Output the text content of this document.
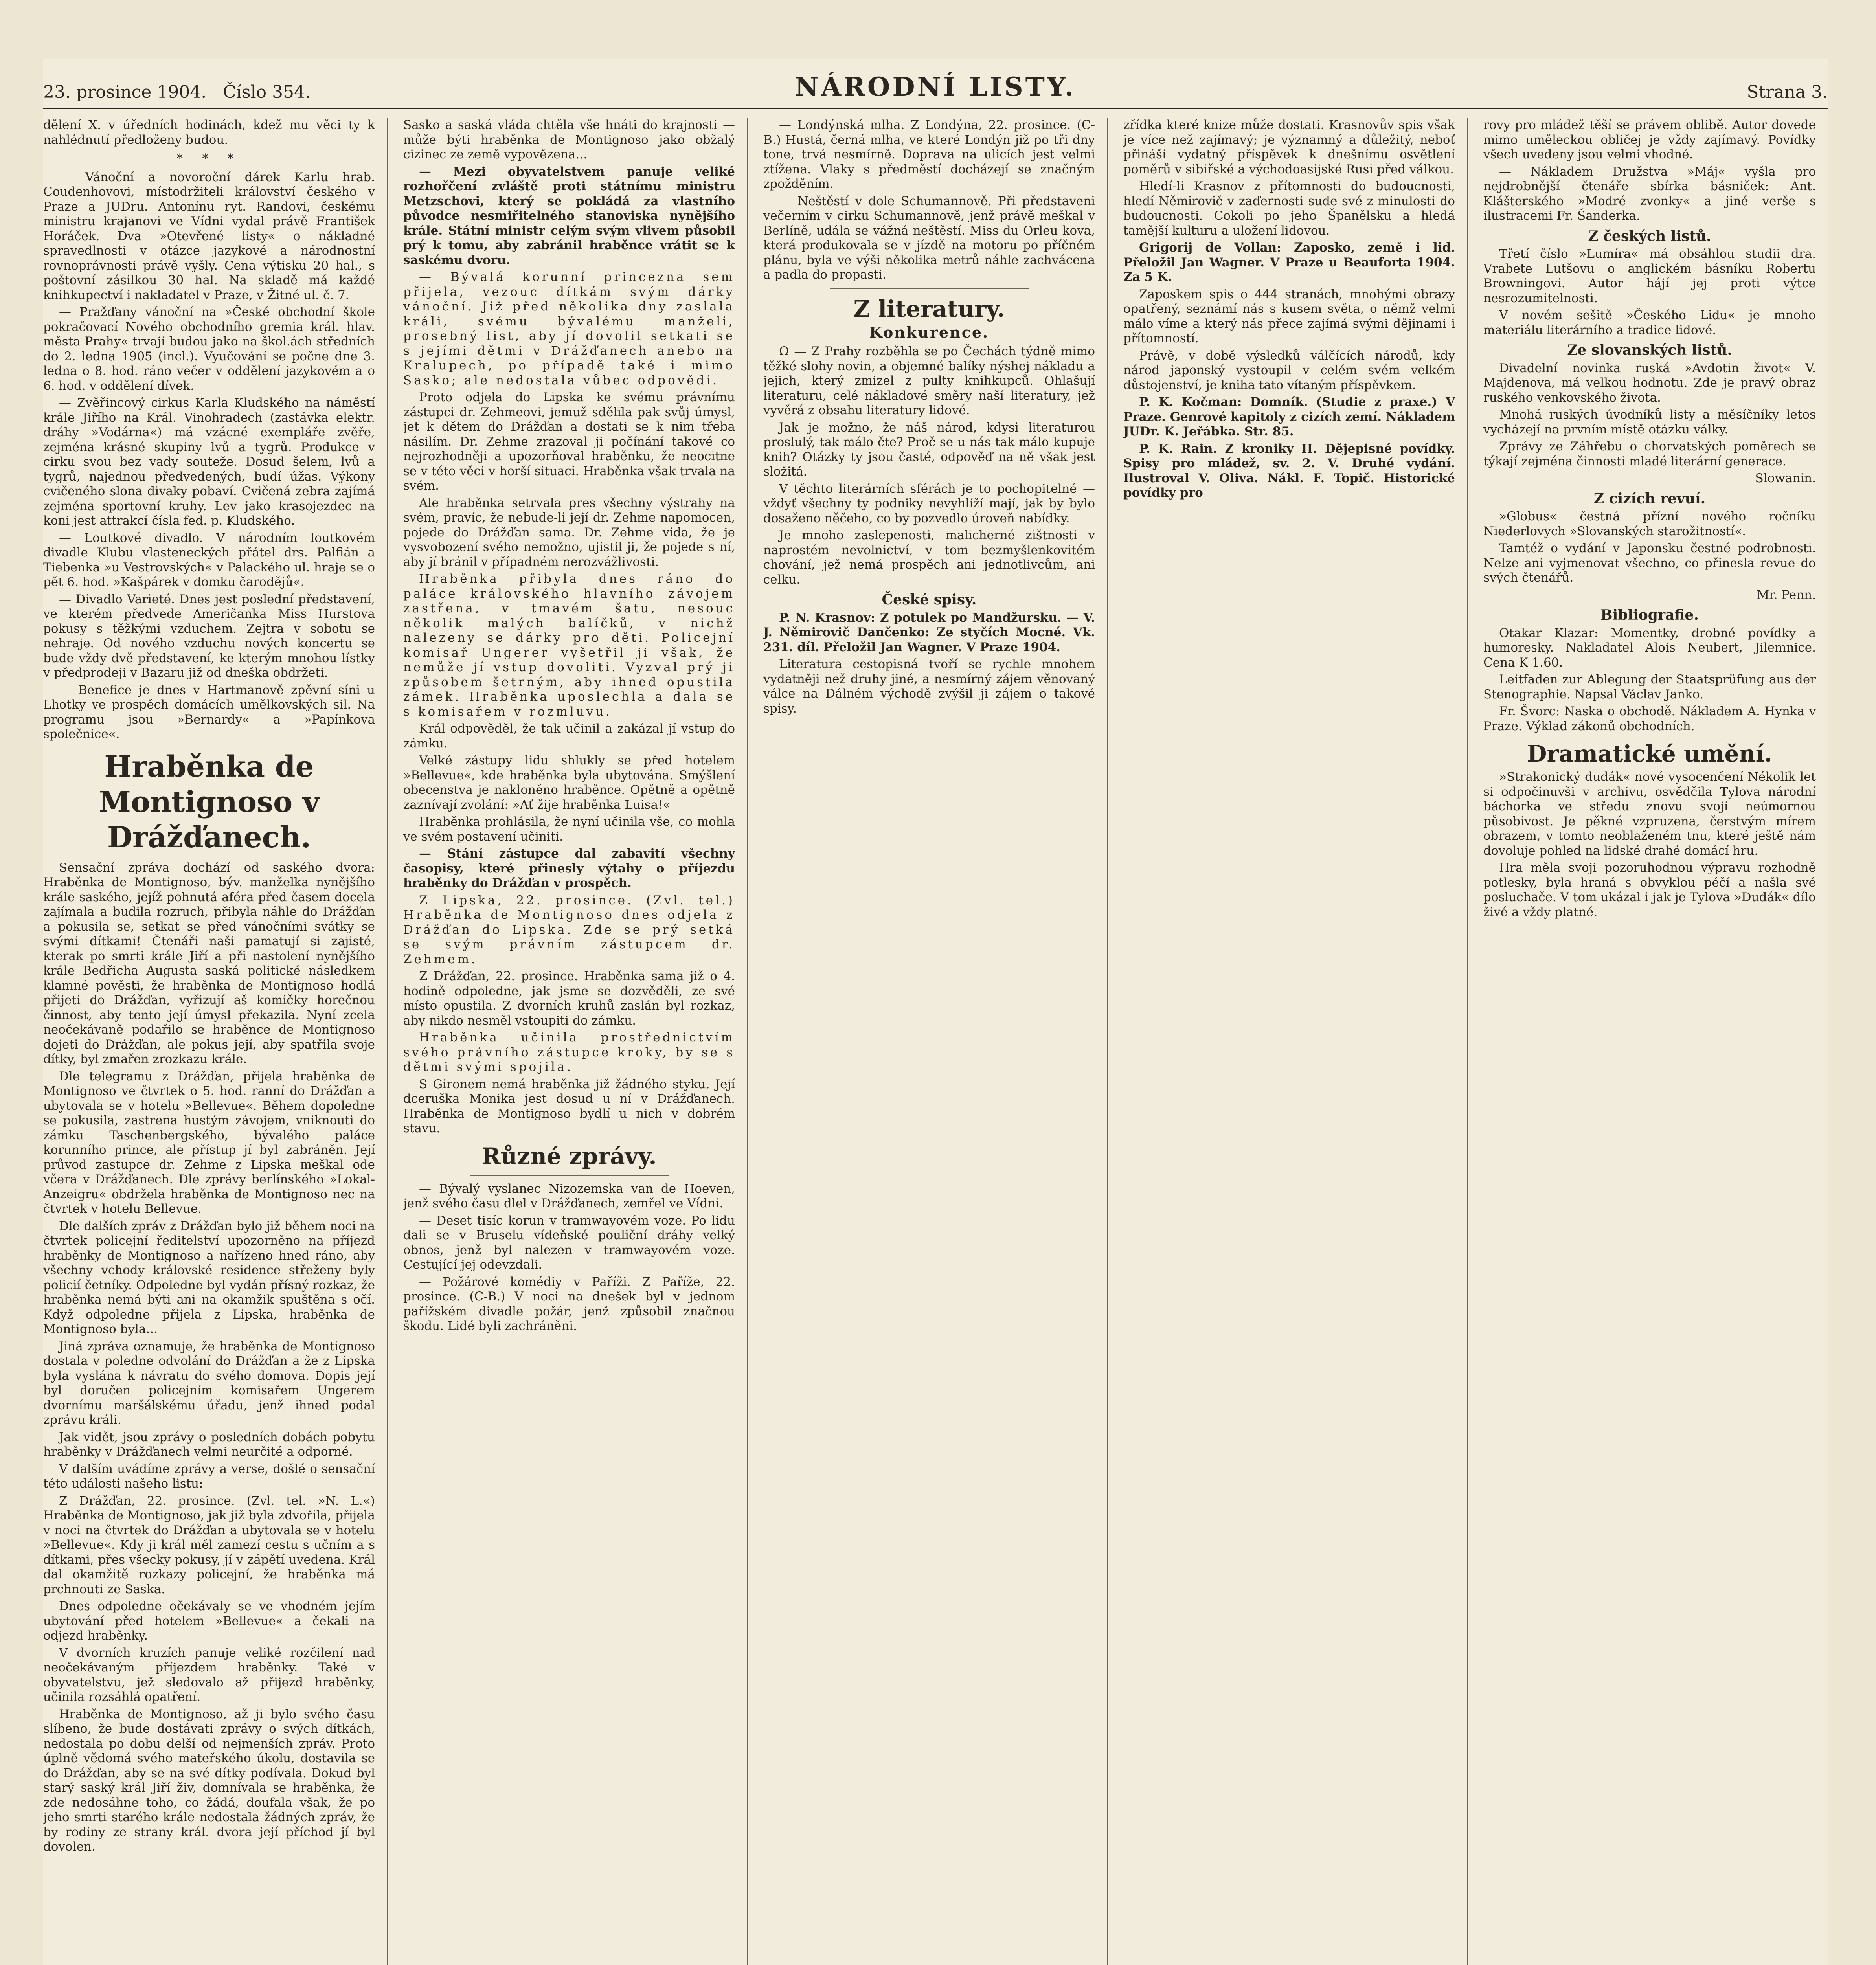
23. prosince 1904. Číslo 354.	NÁRODNÍ LISTY.	Strana 3.

dělení X. v úředních hodinách, kdež mu věci ty k nahlédnutí předloženy budou.

* * *

— Vánoční a novoroční dárek Karlu hrab. Coudenhovovi, místodržiteli království českého v Praze a JUDru. Antonínu ryt. Randovi, českému ministru krajanovi ve Vídni vydal právě František Horáček. Dva »Otevřené listy« o nákladné spravedlnosti v otázce jazykové a národnostní rovnoprávnosti právě vyšly. Cena výtisku 20 hal., s poštovní zásilkou 30 hal. Na skladě má každé knihkupectví i nakladatel v Praze, v Žitné ul. č. 7.

— Pražďany vánoční na »České obchodní škole pokračovací Nového obchodního gremia král. hlav. města Prahy« trvají budou jako na škol.ách středních do 2. ledna 1905 (incl.). Vyučování se počne dne 3. ledna o 8. hod. ráno večer v oddělení jazykovém a o 6. hod. v oddělení dívek.

— Zvěřincový cirkus Karla Kludského na náměstí krále Jiřího na Král. Vinohradech (zastávka elektr. dráhy »Vodárna«) má vzácné exempláře zvěře, zejména krásné skupiny lvů a tygrů. Produkce v cirku svou bez vady souteže. Dosud šelem, lvů a tygrů, najednou předvedených, budí úžas. Výkony cvičeného slona divaky pobaví. Cvičená zebra zajímá zejména sportovní kruhy. Lev jako krasojezdec na koni jest attrakcí čísla fed. p. Kludského.

— Loutkové divadlo. V národním loutkovém divadle Klubu vlasteneckých přátel drs. Palfián a Tiebenka »u Vestrovských« v Palackého ul. hraje se o pět 6. hod. »Kašpárek v domku čarodějů«.

— Divadlo Varieté. Dnes jest poslední představení, ve kterém předvede Američanka Miss Hurstova pokusy s těžkými vzduchem. Zejtra v sobotu se nehraje. Od nového vzduchu nových koncertu se bude vždy dvě představení, ke kterým mnohou lístky v předprodeji v Bazaru již od dneška obdržeti.

— Benefice je dnes v Hartmanově zpěvní síni u Lhotky ve prospěch domácích umělkovských sil. Na programu jsou »Bernardy« a »Papínkova společnice«.

Hraběnka de Montignoso v Drážďanech.

Sensační zpráva dochází od saského dvora: Hraběnka de Montignoso, býv. manželka nynějšího krále saského, jejíž pohnutá aféra před časem docela zajímala a budila rozruch, přibyla náhle do Drážďan a pokusila se, setkat se před vánočními svátky se svými dítkami! Čtenáři naši pamatují si zajisté, kterak po smrti krále Jiří a při nastolení nynějšího krále Bedřicha Augusta saská politické následkem klamné pověsti, že hraběnka de Montignoso hodlá přijeti do Drážďan, vyřizují aš komičky horečnou činnost, aby tento její úmysl překazila. Nyní zcela neočekávaně podařilo se hraběnce de Montignoso dojeti do Drážďan, ale pokus její, aby spatřila svoje dítky, byl zmařen zrozkazu krále.

Dle telegramu z Drážďan, přijela hraběnka de Montignoso ve čtvrtek o 5. hod. ranní do Drážďan a ubytovala se v hotelu »Bellevue«. Během dopoledne se pokusila, zastrena hustým závojem, vniknouti do zámku Taschenbergského, bývalého paláce korunního prince, ale přístup jí byl zabráněn. Její průvod zastupce dr. Zehme z Lipska meškal ode včera v Drážďanech. Dle zprávy berlínského »Lokal-Anzeigru« obdržela hraběnka de Montignoso nec na čtvrtek v hotelu Bellevue.

Dle dalších zpráv z Drážďan bylo již během noci na čtvrtek policejní ředitelství upozorněno na příjezd hraběnky de Montignoso a nařízeno hned ráno, aby všechny vchody královské residence střeženy byly policií četníky. Odpoledne byl vydán přísný rozkaz, že hraběnka nemá býti ani na okamžik spuštěna s očí. Když odpoledne přijela z Lipska, hraběnka de Montignoso byla...

Jiná zpráva oznamuje, že hraběnka de Montignoso dostala v poledne odvolání do Drážďan a že z Lipska byla vyslána k návratu do svého domova. Dopis její byl doručen policejním komisařem Ungerem dvornímu maršálskému úřadu, jenž ihned podal zprávu králi.

Jak vidět, jsou zprávy o posledních dobách pobytu hraběnky v Drážďanech velmi neurčité a odporné.

V dalším uvádíme zprávy a verse, došlé o sensační této události našeho listu:

Z Drážďan, 22. prosince. (Zvl. tel. »N. L.«) Hraběnka de Montignoso, jak již byla zdvořila, přijela v noci na čtvrtek do Drážďan a ubytovala se v hotelu »Bellevue«. Kdy ji král měl zamezí cestu s učním a s dítkami, přes všecky pokusy, jí v zápětí uvedena. Král dal okamžitě rozkazy policejní, že hraběnka má prchnouti ze Saska.

Dnes odpoledne očekávaly se ve vhodném jejím ubytování před hotelem »Bellevue« a čekali na odjezd hraběnky.

V dvorních kruzích panuje veliké rozčilení nad neočekávaným příjezdem hraběnky. Také v obyvatelstvu, jež sledovalo až přijezd hraběnky, učinila rozsáhlá opatření.

Hraběnka de Montignoso, až ji bylo svého času slíbeno, že bude dostávati zprávy o svých dítkách, nedostala po dobu delší od nejmenších zpráv. Proto úplně vědomá svého mateřského úkolu, dostavila se do Drážďan, aby se na své dítky podívala. Dokud byl starý saský král Jiří živ, domnívala se hraběnka, že zde nedosáhne toho, co žádá, doufala však, že po jeho smrti starého krále nedostala žádných zpráv, že by rodiny ze strany král. dvora její příchod jí byl dovolen.

Sasko a saská vláda chtěla vše hnáti do krajnosti — může býti hraběnka de Montignoso jako obžalý cizinec ze země vypovězena...

— Mezi obyvatelstvem panuje veliké rozhořčení zvláště proti státnímu ministru Metzschovi, který se pokládá za vlastního původce nesmiřitelného stanoviska nynějšího krále. Státní ministr celým svým vlivem působil prý k tomu, aby zabránil hraběnce vrátit se k saskému dvoru.

— Bývalá korunní princezna sem přijela, vezouc dítkám svým dárky vánoční. Již před několika dny zaslala králi, svému bývalému manželi, prosebný list, aby jí dovolil setkati se s jejími dětmi v Drážďanech anebo na Kralupech, po případě také i mimo Sasko; ale nedostala vůbec odpovědi.

Proto odjela do Lipska ke svému právnímu zástupci dr. Zehmeovi, jemuž sdělila pak svůj úmysl, jet k dětem do Drážďan a dostati se k nim třeba násilím. Dr. Zehme zrazoval ji počínání takové co nejrozhodněji a upozorňoval hraběnku, že neocitne se v této věci v horší situaci. Hraběnka však trvala na svém.

Ale hraběnka setrvala pres všechny výstrahy na svém, pravíc, že nebude-li její dr. Zehme napomocen, pojede do Drážďan sama. Dr. Zehme vida, že je vysvobození svého nemožno, ujistil ji, že pojede s ní, aby jí bránil v případném nerozvážlivosti.

Hraběnka přibyla dnes ráno do paláce královského hlavního závojem zastřena, v tmavém šatu, nesouc několik malých balíčků, v nichž nalezeny se dárky pro děti. Policejní komisař Ungerer vyšetřil ji však, že nemůže jí vstup dovoliti. Vyzval prý ji způsobem šetrným, aby ihned opustila zámek. Hraběnka uposlechla a dala se s komisařem v rozmluvu.

Král odpověděl, že tak učinil a zakázal jí vstup do zámku.

Velké zástupy lidu shlukly se před hotelem »Bellevue«, kde hraběnka byla ubytována. Smýšlení obecenstva je nakloněno hraběnce. Opětně a opětně zaznívají zvolání: »Ať žije hraběnka Luisa!«

Hraběnka prohlásila, že nyní učinila vše, co mohla ve svém postavení učiniti.

— Stání zástupce dal zabavití všechny časopisy, které přinesly výtahy o příjezdu hraběnky do Drážďan v prospěch.

Z Lipska, 22. prosince. (Zvl. tel.) Hraběnka de Montignoso dnes odjela z Drážďan do Lipska. Zde se prý setká se svým právním zástupcem dr. Zehmem.

Z Drážďan, 22. prosince. Hraběnka sama již o 4. hodině odpoledne, jak jsme se dozvěděli, ze své místo opustila. Z dvorních kruhů zaslán byl rozkaz, aby nikdo nesměl vstoupiti do zámku.

Hraběnka učinila prostřednictvím svého právního zástupce kroky, by se s dětmi svými spojila.

S Gironem nemá hraběnka již žádného styku. Její dceruška Monika jest dosud u ní v Drážďanech. Hraběnka de Montignoso bydlí u nich v dobrém stavu.

Různé zprávy.

— Bývalý vyslanec Nizozemska van de Hoeven, jenž svého času dlel v Drážďanech, zemřel ve Vídni.

— Deset tisíc korun v tramwayovém voze. Po lidu dali se v Bruselu vídeňské pouliční dráhy velký obnos, jenž byl nalezen v tramwayovém voze. Cestující jej odevzdali.

— Požárové komédiy v Paříži. Z Paříže, 22. prosince. (C-B.) V noci na dnešek byl v jednom pařížském divadle požár, jenž způsobil značnou škodu. Lidé byli zachráněni.

— Londýnská mlha. Z Londýna, 22. prosince. (C-B.) Hustá, černá mlha, ve které Londýn již po tři dny tone, trvá nesmírně. Doprava na ulicích jest velmi ztížena. Vlaky s předměstí docházejí se značným zpožděním.

— Neštěstí v dole Schumannově. Při představeni večerním v cirku Schumannově, jenž právě meškal v Berlíně, udála se vážná neštěstí. Miss du Orleu kova, která produkovala se v jízdě na motoru po příčném plánu, byla ve výši několika metrů náhle zachvácena a padla do propasti.

Z literatury.
Konkurence.

Ω — Z Prahy rozběhla se po Čechách týdně mimo těžké slohy novin, a objemné balíky nýshej nákladu a jejich, který zmizel z pulty knihkupců. Ohlašují literaturu, celé nákladové směry naší literatury, jež vyvěrá z obsahu literatury lidové.

Jak je možno, že náš národ, kdysi literaturou proslulý, tak málo čte? Proč se u nás tak málo kupuje knih? Otázky ty jsou časté, odpověď na ně však jest složitá.

V těchto literárních sférách je to pochopitelné — vždyť všechny ty podniky nevyhlíží mají, jak by bylo dosaženo něčeho, co by pozvedlo úroveň nabídky.

Je mnoho zaslepenosti, malicherné zištnosti v naprostém nevolnictví, v tom bezmyšlenkovitém chování, jež nemá prospěch ani jednotlivcům, ani celku.

České spisy.

P. N. Krasnov: Z potulek po Mandžursku. — V. J. Němirovič Dančenko: Ze styčích Mocné. Vk. 231. díl. Přeložil Jan Wagner. V Praze 1904.

Literatura cestopisná tvoří se rychle mnohem vydatněji než druhy jiné, a nesmírný zájem věnovaný válce na Dálném východě zvýšil ji zájem o takové spisy.

zřídka které knize může dostati. Krasnovův spis však je více než zajímavý; je významný a důležitý, neboť přináší vydatný příspěvek k dnešnímu osvětlení poměrů v sibiřské a východoasijské Rusi před válkou.

Hledí-li Krasnov z přítomnosti do budoucnosti, hledí Němirovič v zaďernosti sude své z minulosti do budoucnosti. Cokoli po jeho Španělsku a hledá tamější kulturu a uložení lidovou.

Grigorij de Vollan: Zaposko, země i lid. Přeložil Jan Wagner. V Praze u Beauforta 1904. Za 5 K.

Zaposkem spis o 444 stranách, mnohými obrazy opatřený, seznámí nás s kusem světa, o němž velmi málo víme a který nás přece zajímá svými dějinami i přítomností.

Právě, v době výsledků válčících národů, kdy národ japonský vystoupil v celém svém velkém důstojenství, je kniha tato vítaným příspěvkem.

P. K. Kočman: Domník. (Studie z praxe.) V Praze. Genrové kapitoly z cizích zemí. Nákladem JUDr. K. Jeřábka. Str. 85.

P. K. Rain. Z kroniky II. Dějepisné povídky. Spisy pro mládež, sv. 2. V. Druhé vydání. Ilustroval V. Oliva. Nákl. F. Topič. Historické povídky pro

rovy pro mládež těší se právem oblibě. Autor dovede mimo uměleckou obličej je vždy zajímavý. Povídky všech uvedeny jsou velmi vhodné.

— Nákladem Družstva »Máj« vyšla pro nejdrobnější čtenáře sbírka básniček: Ant. Klášterského »Modré zvonky« a jiné verše s ilustracemi Fr. Šanderka.

Z českých listů.

Třetí číslo »Lumíra« má obsáhlou studii dra. Vrabete Lutšovu o anglickém básníku Robertu Browningovi. Autor hájí jej proti výtce nesrozumitelnosti.

V novém sešitě »Českého Lidu« je mnoho materiálu literárního a tradice lidové.

Ze slovanských listů.

Divadelní novinka ruská »Avdotin život« V. Majdenova, má velkou hodnotu. Zde je pravý obraz ruského venkovského života.

Mnohá ruských úvodníků listy a měsíčníky letos vycházejí na prvním místě otázku války.

Zprávy ze Záhřebu o chorvatských poměrech se týkají zejména činnosti mladé literární generace.

Slowanin.

Z cizích revuí.

»Globus« čestná přízní nového ročníku Niederlovych »Slovanských starožitností«.

Tamtéž o vydání v Japonsku čestné podrobnosti. Nelze ani vyjmenovat všechno, co přinesla revue do svých čtenářů.

Mr. Penn.

Bibliografie.

Otakar Klazar: Momentky, drobné povídky a humoresky. Nakladatel Alois Neubert, Jilemnice. Cena K 1.60.

Leitfaden zur Ablegung der Staatsprüfung aus der Stenographie. Napsal Václav Janko.

Fr. Švorc: Naska o obchodě. Nákladem A. Hynka v Praze. Výklad zákonů obchodních.

Dramatické umění.

»Strakonický dudák« nové vysocenčení Nékolik let si odpočinuvši v archivu, osvědčila Tylova národní báchorka ve středu znovu svojí neúmornou působivost. Je pěkné vzpruzena, čerstvým mírem obrazem, v tomto neoblaženém tnu, které ještě nám dovoluje pohled na lidské drahé domácí hru.

Hra měla svoji pozoruhodnou výpravu rozhodně potlesky, byla hraná s obvyklou péčí a našla své posluchače. V tom ukázal i jak je Tylova »Dudák« dílo živé a vždy platné.
